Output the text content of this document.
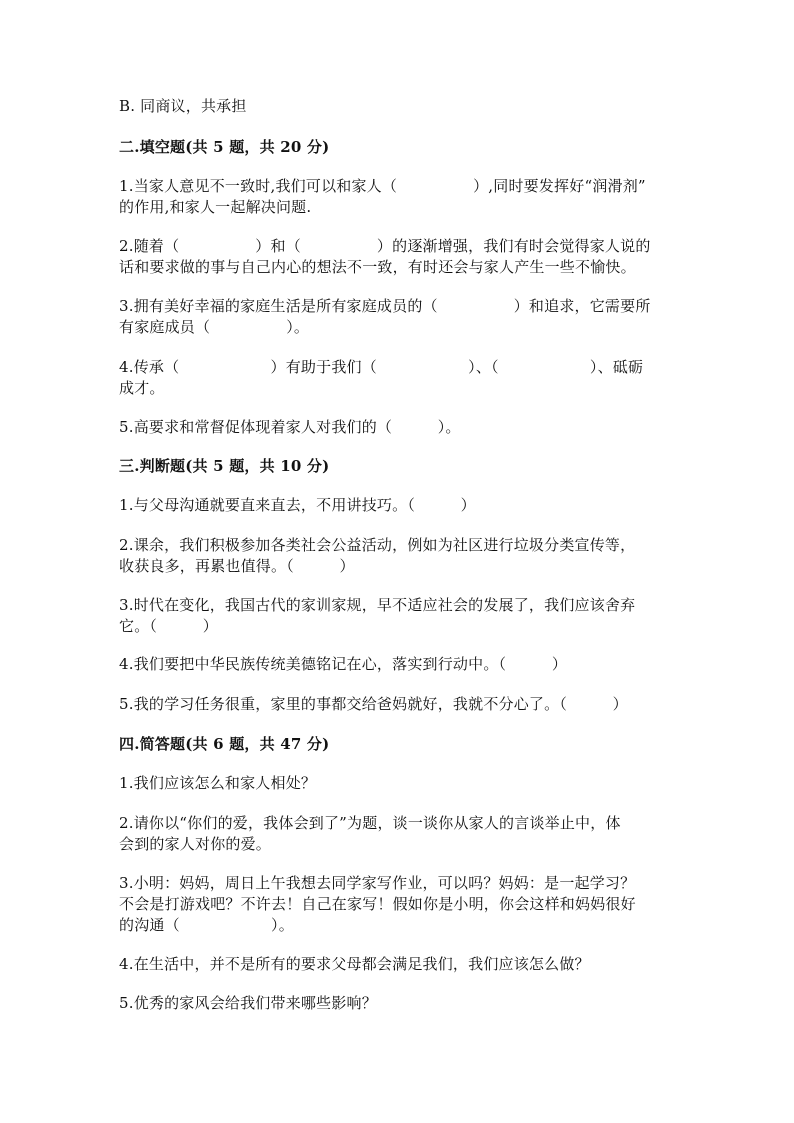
B. 同商议，共承担
二.填空题(共 5 题，共 20 分)
1.当家人意见不一致时,我们可以和家人（　　　　　）,同时要发挥好“润滑剂”
的作用,和家人一起解决问题.
2.随着（　　　　　）和（　　　　　）的逐渐增强，我们有时会觉得家人说的
话和要求做的事与自己内心的想法不一致，有时还会与家人产生一些不愉快。
3.拥有美好幸福的家庭生活是所有家庭成员的（　　　　　）和追求，它需要所
有家庭成员（　　　　　）。
4.传承（　　　　　　）有助于我们（　　　　　　）、（　　　　　　）、砥砺
成才。
5.高要求和常督促体现着家人对我们的（　　　）。
三.判断题(共 5 题，共 10 分)
1.与父母沟通就要直来直去，不用讲技巧。（　　　）
2.课余，我们积极参加各类社会公益活动，例如为社区进行垃圾分类宣传等，
收获良多，再累也值得。（　　　）
3.时代在变化，我国古代的家训家规，早不适应社会的发展了，我们应该舍弃
它。（　　　）
4.我们要把中华民族传统美德铭记在心，落实到行动中。（　　　）
5.我的学习任务很重，家里的事都交给爸妈就好，我就不分心了。（　　　）
四.简答题(共 6 题，共 47 分)
1.我们应该怎么和家人相处？
2.请你以“你们的爱，我体会到了”为题，谈一谈你从家人的言谈举止中，体
会到的家人对你的爱。
3.小明：妈妈，周日上午我想去同学家写作业，可以吗？妈妈：是一起学习？
不会是打游戏吧？不许去！自己在家写！假如你是小明，你会这样和妈妈很好
的沟通（　　　　　　）。
4.在生活中，并不是所有的要求父母都会满足我们，我们应该怎么做？
5.优秀的家风会给我们带来哪些影响？
